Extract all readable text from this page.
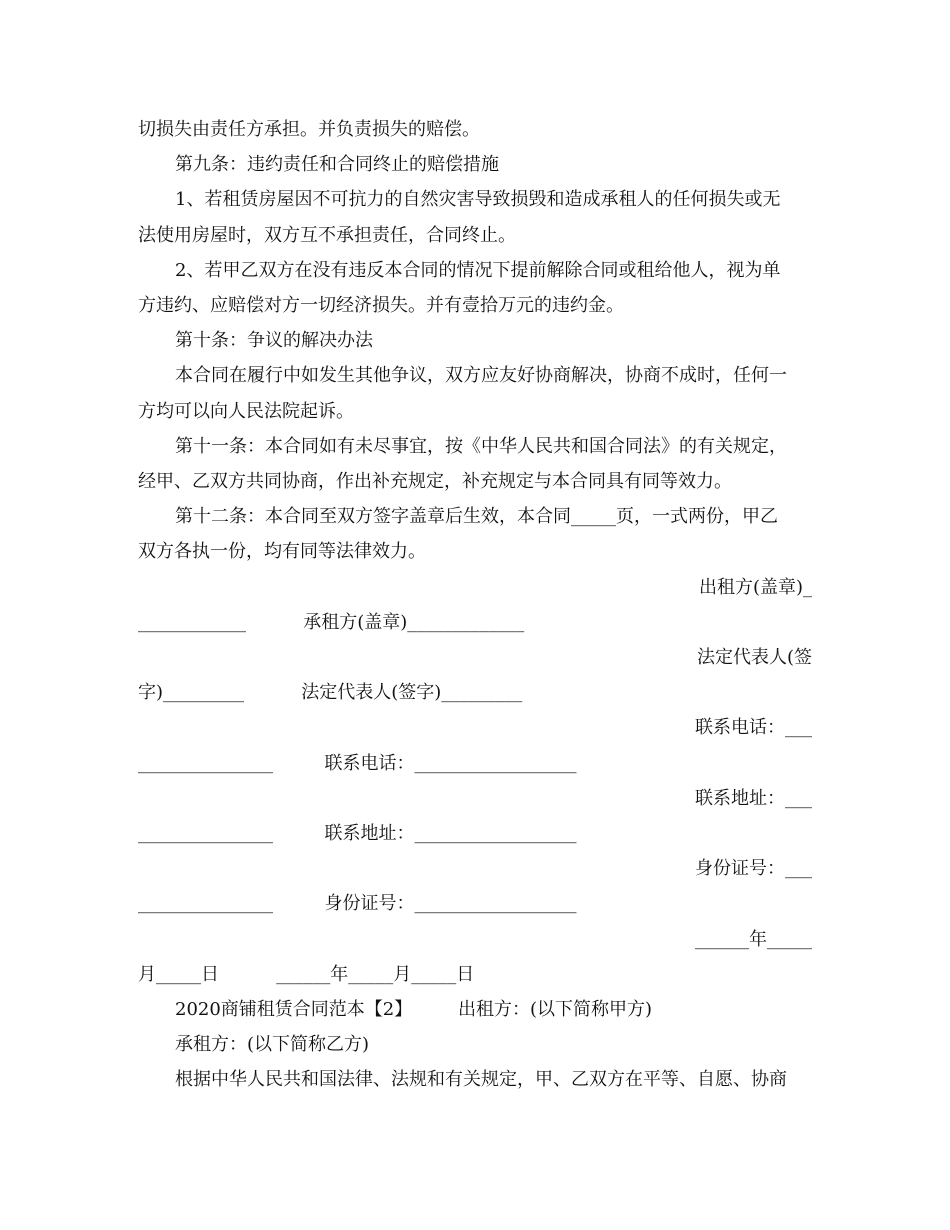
切损失由责任方承担。并负责损失的赔偿。
第九条：违约责任和合同终止的赔偿措施
1、若租赁房屋因不可抗力的自然灾害导致损毁和造成承租人的任何损失或无
法使用房屋时，双方互不承担责任，合同终止。
2、若甲乙双方在没有违反本合同的情况下提前解除合同或租给他人，视为单
方违约、应赔偿对方一切经济损失。并有壹拾万元的违约金。
第十条：争议的解决办法
本合同在履行中如发生其他争议，双方应友好协商解决，协商不成时，任何一
方均可以向人民法院起诉。
第十一条：本合同如有未尽事宜，按《中华人民共和国合同法》的有关规定，
经甲、乙双方共同协商，作出补充规定，补充规定与本合同具有同等效力。
第十二条：本合同至双方签字盖章后生效，本合同_____页，一式两份，甲乙
双方各执一份，均有同等法律效力。
出租方(盖章)_
____________          承租方(盖章)_____________
法定代表人(签
字)_________          法定代表人(签字)_________
联系电话：___
_______________         联系电话：__________________
联系地址：___
_______________         联系地址：__________________
身份证号：___
_______________         身份证号：__________________
______年_____
月_____日          ______年_____月_____日
2020商铺租赁合同范本【2】        出租方：(以下简称甲方)
承租方：(以下简称乙方)
根据中华人民共和国法律、法规和有关规定，甲、乙双方在平等、自愿、协商
